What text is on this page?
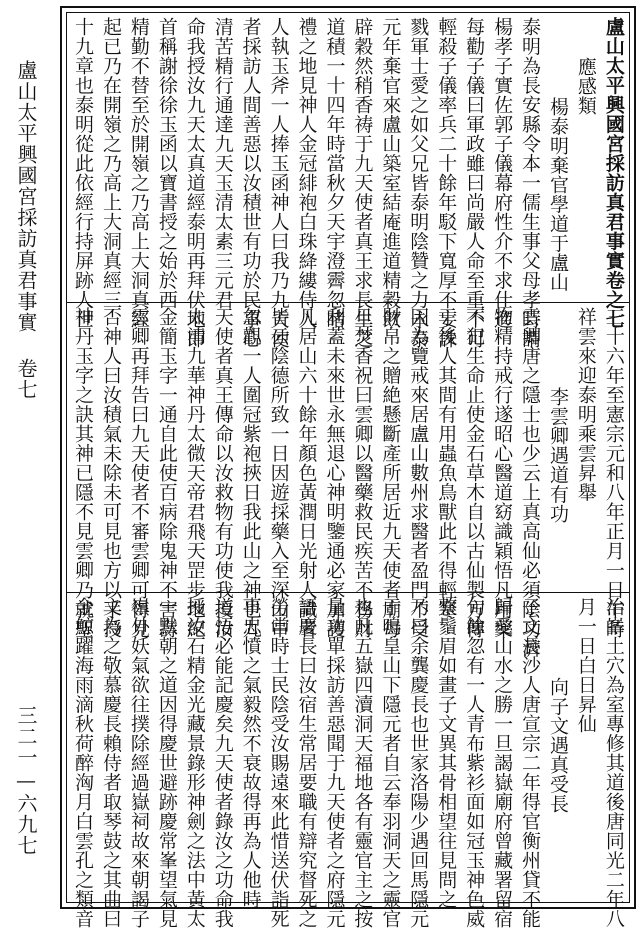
盧山太平興國宮採訪真君事實 卷七
三二一—六九七
盧山太平興國宮採訪真君事實卷之七
應感類
楊泰明棄官學道于盧山
泰明為長安縣令本一儒生事父母孝時謂
楊孝子實佐郭子儀幕府性介不求仕進
每勸子儀曰軍政雖曰尚嚴人命至重不可
輕殺子儀率兵二十餘年駁下寬厚不妄誅
戮軍士愛之如父兄皆泰明陰贊之力永泰
元年棄官來盧山築室結庵進道精穀飲
辟穀然稍香祷于九天使者真王求長生之
道積一十四年時當秋夕天宇澄霽忽睹
禮之地見神人金冠緋袍白珠絳縷侍人
人執玉斧一人捧玉函神人曰我乃九天使
者採訪人間善惡以汝積世有功於民事心
清苦精行通達九天玉清太素三元君
命我授汝九天太真道經泰明再拜伏地即
首稱謝徐徐玉函以寶書授之始於西
精勤不替至於開嶺之乃高上大洞真經
起已乃在開嶺之乃高上大洞真經三
十九章也泰明從此依經行持屏跡人世
三十六年至憲宗元和八年正月一日午時
祥雲來迎泰明乘雲昇舉
李雲卿遇道有功
雲卿唐之隱士也少云上真高仙必須陰功濟
物精持戒行遂昭心醫道窈識穎悟凡用藥
不犯生命止使金石草木自以古仙製方傳
于後人其間有用蟲魚鳥獸此不得輕寒
因為覽戒來居盧山數州求醫者盈門不受
財帛之贈絶懸斷產所居近九天使者廟每
旦焚香祝曰雲卿以醫藥救民疾苦不務財
利蓋未來世永無退心神明鑒通必家加護
凡居山六十餘年顏色黃潤日光射人識者
皆云陰德所致一日因遊採藥入至深山中
忽觀一人圍冠紫袍挾日我此山之神也九
天使者真王傳命以汝救物有功使我授汝
太清九華神丹太微天帝君飛天罡步地紀
金簡玉字一通自此使百病除鬼神不害壽
雲卿再拜告曰九天使者不審雲卿可得見
否神人曰汝積氣未除未可見也方以手授
神丹玉字之訣其神已隱不見雲卿乃就聖
治峯土穴為室專修其道後唐同光二年八
月一日白日昇仙
向子文遇真受長
子文長沙人唐宣宗二年得官衡州貸不能
歸愛山水之勝一旦謁嶽廟府曾藏署留宿
旬餘忽有一人青布紫衫面如冠玉神色威
整鬚眉如畫子文異其骨相望往見問之
乃曰余龔慶長也世家洛陽少遇回馬隱元
于鳴皇山下隱元者自云奉羽洞天之靈官
也凡五嶽四瀆洞天福地各有靈官主之按
量功單採訪善惡聞于九天使者之府隱元
語慶長曰汝宿生常居要職有辯究督死之
勞當時士民陰受汝賜遠來此惜送伏詣死
事忠憤之氣毅然不衰故得再為人他時
道悟必能記慶矣九天使者錄汝之功命我
授汝石精金光藏景錄形神劍之法中黃太
一默朝之道因得慶世避跡慶常峯望氣見
嶺外妖氣欲往撲除經過嶽祠故來朝謁子
文為之敬慕慶長賴侍者取琴鼓之其曲曰
金鯨躍海雨滴秋荷醉洶月白雲孔之類音
